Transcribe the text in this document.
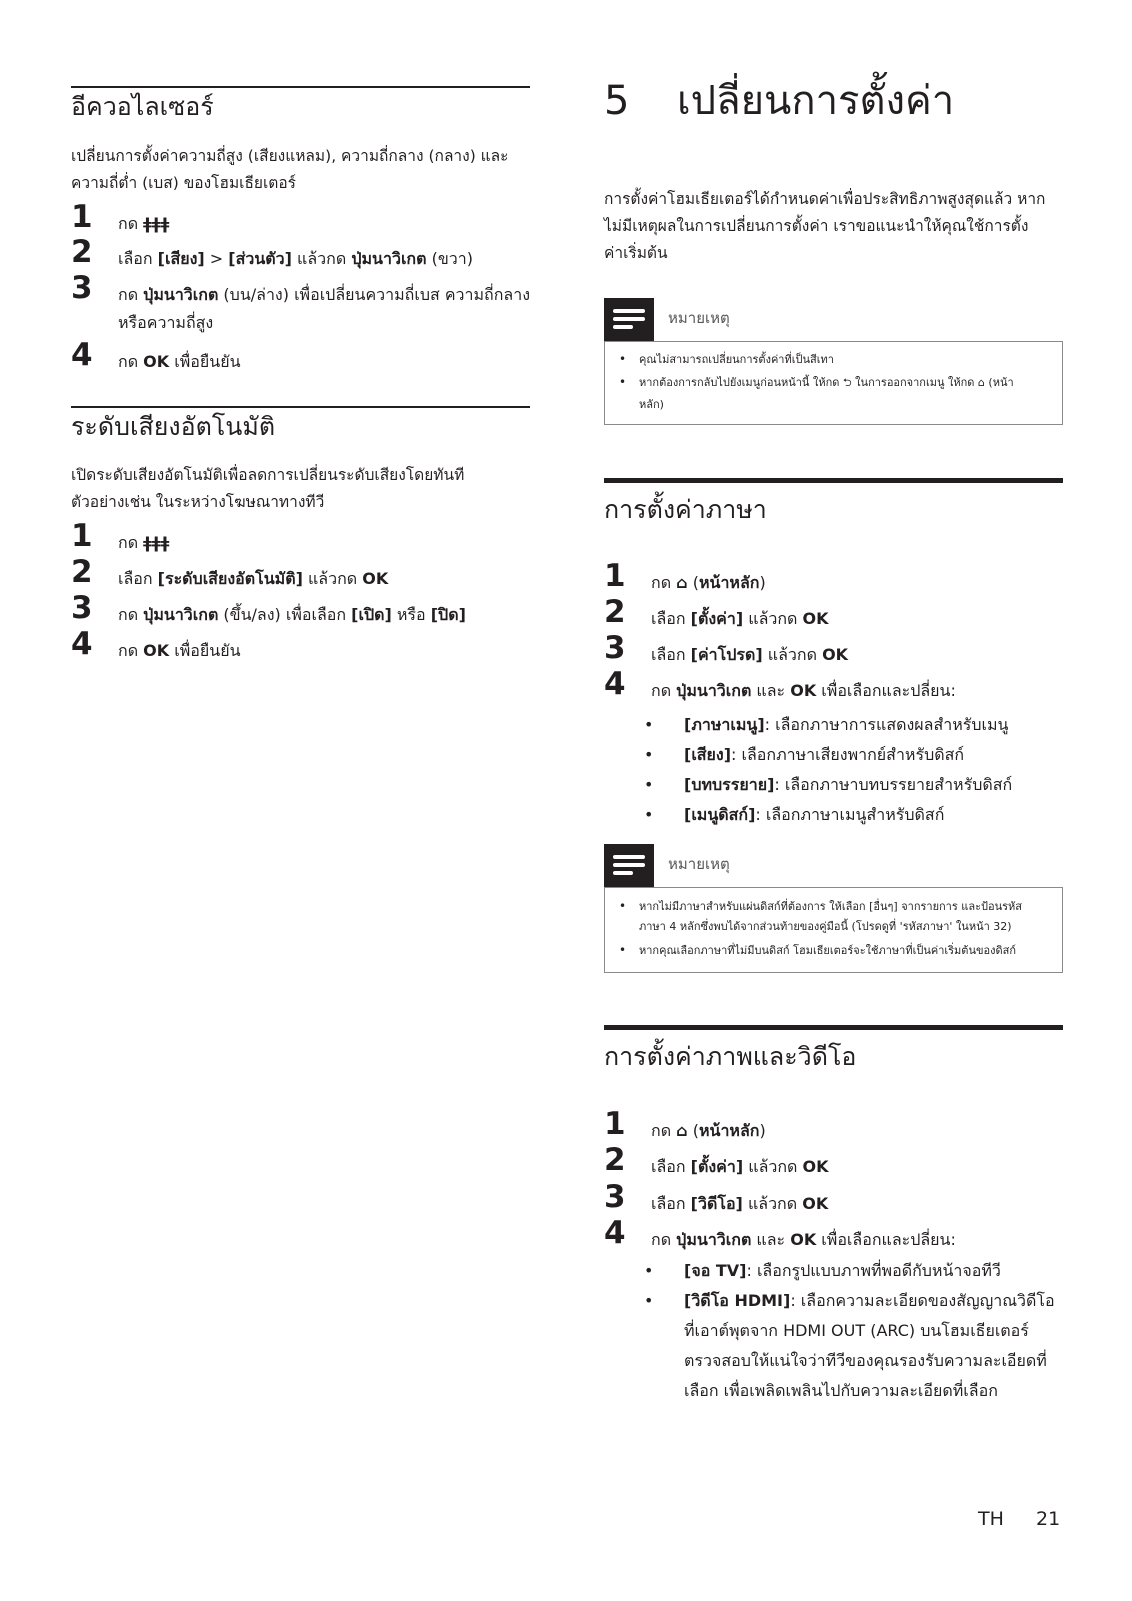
อีควอไลเซอร์
เปลี่ยนการตั้งค่าความถี่สูง (เสียงแหลม), ความถี่กลาง (กลาง) และ
ความถี่ต่ำ (เบส) ของโฮมเธียเตอร์
1 กด ǂǂǂ
2 เลือก [เสียง] > [ส่วนตัว] แล้วกด ปุ่มนาวิเกต (ขวา)
3 กด ปุ่มนาวิเกต (บน/ล่าง) เพื่อเปลี่ยนความถี่เบส ความถี่กลาง
หรือความถี่สูง
4 กด OK เพื่อยืนยัน
ระดับเสียงอัตโนมัติ
เปิดระดับเสียงอัตโนมัติเพื่อลดการเปลี่ยนระดับเสียงโดยทันที
ตัวอย่างเช่น ในระหว่างโฆษณาทางทีวี
1 กด ǂǂǂ
2 เลือก [ระดับเสียงอัตโนมัติ] แล้วกด OK
3 กด ปุ่มนาวิเกต (ขึ้น/ลง) เพื่อเลือก [เปิด] หรือ [ปิด]
4 กด OK เพื่อยืนยัน
5 เปลี่ยนการตั้งค่า
การตั้งค่าโฮมเธียเตอร์ได้กำหนดค่าเพื่อประสิทธิภาพสูงสุดแล้ว หาก
ไม่มีเหตุผลในการเปลี่ยนการตั้งค่า เราขอแนะนำให้คุณใช้การตั้ง
ค่าเริ่มต้น
หมายเหตุ
• คุณไม่สามารถเปลี่ยนการตั้งค่าที่เป็นสีเทา
• หากต้องการกลับไปยังเมนูก่อนหน้านี้ ให้กด ⮌ ในการออกจากเมนู ให้กด ⌂ (หน้า
หลัก)
การตั้งค่าภาษา
1 กด ⌂ (หน้าหลัก)
2 เลือก [ตั้งค่า] แล้วกด OK
3 เลือก [ค่าโปรด] แล้วกด OK
4 กด ปุ่มนาวิเกต และ OK เพื่อเลือกและปลี่ยน:
• [ภาษาเมนู]: เลือกภาษาการแสดงผลสำหรับเมนู
• [เสียง]: เลือกภาษาเสียงพากย์สำหรับดิสก์
• [บทบรรยาย]: เลือกภาษาบทบรรยายสำหรับดิสก์
• [เมนูดิสก์]: เลือกภาษาเมนูสำหรับดิสก์
หมายเหตุ
• หากไม่มีภาษาสำหรับแผ่นดิสก์ที่ต้องการ ให้เลือก [อื่นๆ] จากรายการ และป้อนรหัส
ภาษา 4 หลักซึ่งพบได้จากส่วนท้ายของคู่มือนี้ (โปรดดูที่ 'รหัสภาษา' ในหน้า 32)
• หากคุณเลือกภาษาที่ไม่มีบนดิสก์ โฮมเธียเตอร์จะใช้ภาษาที่เป็นค่าเริ่มต้นของดิสก์
การตั้งค่าภาพและวิดีโอ
1 กด ⌂ (หน้าหลัก)
2 เลือก [ตั้งค่า] แล้วกด OK
3 เลือก [วิดีโอ] แล้วกด OK
4 กด ปุ่มนาวิเกต และ OK เพื่อเลือกและปลี่ยน:
• [จอ TV]: เลือกรูปแบบภาพที่พอดีกับหน้าจอทีวี
• [วิดีโอ HDMI]: เลือกความละเอียดของสัญญาณวิดีโอ
ที่เอาต์พุตจาก HDMI OUT (ARC) บนโฮมเธียเตอร์
ตรวจสอบให้แน่ใจว่าทีวีของคุณรองรับความละเอียดที่
เลือก เพื่อเพลิดเพลินไปกับความละเอียดที่เลือก
TH 21
